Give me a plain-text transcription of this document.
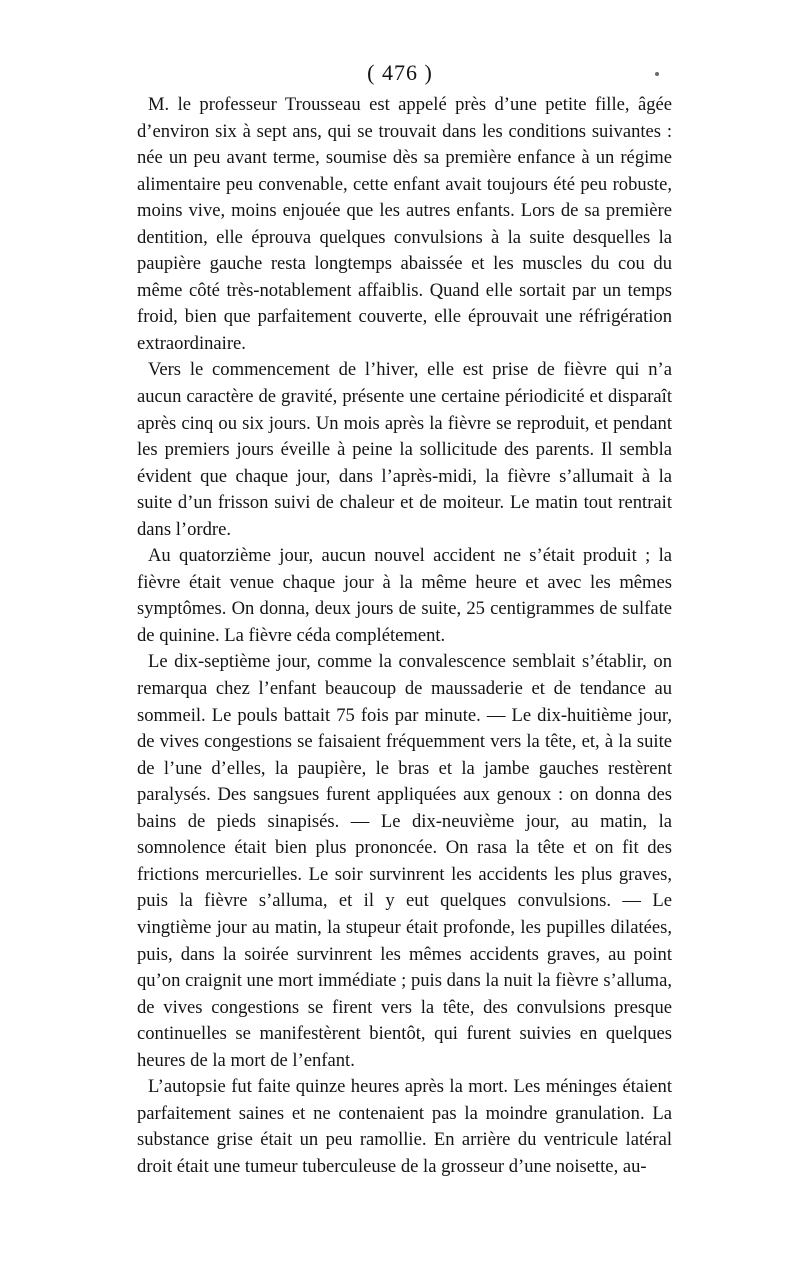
( 476 )

M. le professeur Trousseau est appelé près d’une petite fille, âgée d’environ six à sept ans, qui se trouvait dans les conditions suivantes : née un peu avant terme, soumise dès sa première enfance à un régime alimentaire peu convenable, cette enfant avait toujours été peu robuste, moins vive, moins enjouée que les autres enfants. Lors de sa première dentition, elle éprouva quelques convulsions à la suite desquelles la paupière gauche resta longtemps abaissée et les muscles du cou du même côté très-notablement affaiblis. Quand elle sortait par un temps froid, bien que parfaitement couverte, elle éprouvait une réfrigération extraordinaire.

Vers le commencement de l’hiver, elle est prise de fièvre qui n’a aucun caractère de gravité, présente une certaine périodicité et disparaît après cinq ou six jours. Un mois après la fièvre se reproduit, et pendant les premiers jours éveille à peine la sollicitude des parents. Il sembla évident que chaque jour, dans l’après-midi, la fièvre s’allumait à la suite d’un frisson suivi de chaleur et de moiteur. Le matin tout rentrait dans l’ordre.

Au quatorzième jour, aucun nouvel accident ne s’était produit ; la fièvre était venue chaque jour à la même heure et avec les mêmes symptômes. On donna, deux jours de suite, 25 centigrammes de sulfate de quinine. La fièvre céda complétement.

Le dix-septième jour, comme la convalescence semblait s’établir, on remarqua chez l’enfant beaucoup de maussaderie et de tendance au sommeil. Le pouls battait 75 fois par minute. — Le dix-huitième jour, de vives congestions se faisaient fréquemment vers la tête, et, à la suite de l’une d’elles, la paupière, le bras et la jambe gauches restèrent paralysés. Des sangsues furent appliquées aux genoux : on donna des bains de pieds sinapisés. — Le dix-neuvième jour, au matin, la somnolence était bien plus prononcée. On rasa la tête et on fit des frictions mercurielles. Le soir survinrent les accidents les plus graves, puis la fièvre s’alluma, et il y eut quelques convulsions. — Le vingtième jour au matin, la stupeur était profonde, les pupilles dilatées, puis, dans la soirée survinrent les mêmes accidents graves, au point qu’on craignit une mort immédiate ; puis dans la nuit la fièvre s’alluma, de vives congestions se firent vers la tête, des convulsions presque continuelles se manifestèrent bientôt, qui furent suivies en quelques heures de la mort de l’enfant.

L’autopsie fut faite quinze heures après la mort. Les méninges étaient parfaitement saines et ne contenaient pas la moindre granulation. La substance grise était un peu ramollie. En arrière du ventricule latéral droit était une tumeur tuberculeuse de la grosseur d’une noisette, au-
